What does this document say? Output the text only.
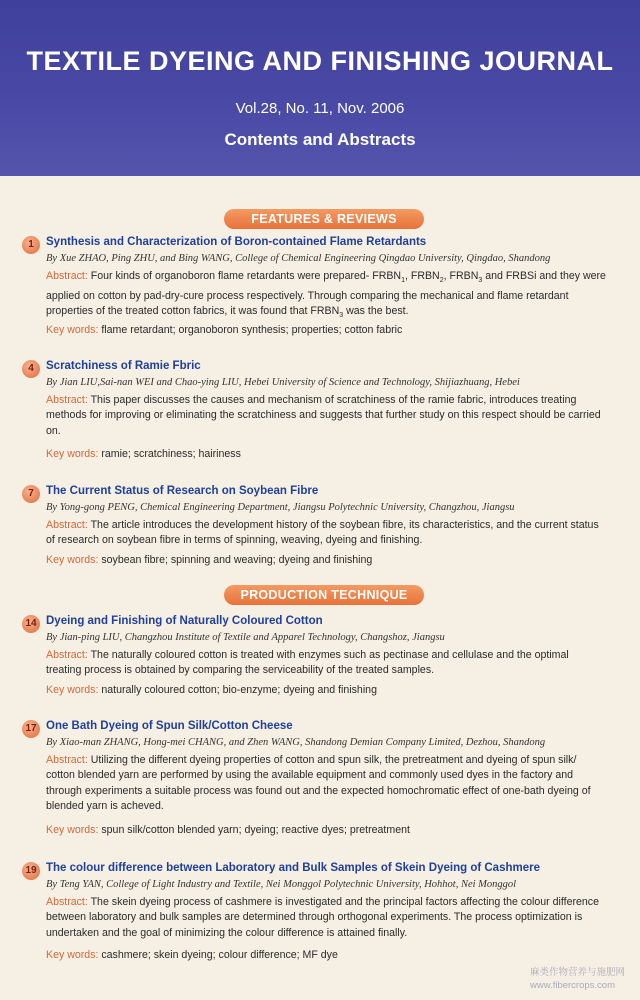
TEXTILE DYEING AND FINISHING JOURNAL
Vol.28, No. 11, Nov. 2006
Contents and Abstracts
FEATURES & REVIEWS
1	Synthesis and Characterization of Boron-contained Flame Retardants
By Xue ZHAO, Ping ZHU, and Bing WANG, College of Chemical Engineering Qingdao University, Qingdao, Shandong
Abstract: Four kinds of organoboron flame retardants were prepared- $FRBN_1$, $FRBN_2$, $FRBN_3$ and FRBSi and they were applied on cotton by pad-dry-cure process respectively. Through comparing the mechanical and flame retardant properties of the treated cotton fabrics, it was found that $FRBN_3$ was the best.
Key words: flame retardant; organoboron synthesis; properties; cotton fabric
4	Scratchiness of Ramie Fbric
By Jian LIU,Sai-nan WEI and Chao-ying LIU, Hebei University of Science and Technology, Shijiazhuang, Hebei
Abstract: This paper discusses the causes and mechanism of scratchiness of the ramie fabric, introduces treating methods for improving or eliminating the scratchiness and suggests that further study on this respect should be carried on.
Key words: ramie; scratchiness; hairiness
7	The Current Status of Research on Soybean Fibre
By Yong-gong PENG, Chemical Engineering Department, Jiangsu Polytechnic University, Changzhou, Jiangsu
Abstract: The article introduces the development history of the soybean fibre, its characteristics, and the current status of research on soybean fibre in terms of spinning, weaving, dyeing and finishing.
Key words: soybean fibre; spinning and weaving; dyeing and finishing
PRODUCTION TECHNIQUE
14 Dyeing and Finishing of Naturally Coloured Cotton
By Jian-ping LIU, Changzhou Institute of Textile and Apparel Technology, Changshoz, Jiangsu
Abstract: The naturally coloured cotton is treated with enzymes such as pectinase and cellulase and the optimal treating process is obtained by comparing the serviceability of the treated samples.
Key words: naturally coloured cotton; bio-enzyme; dyeing and finishing
17 One Bath Dyeing of Spun Silk/Cotton Cheese
By Xiao-man ZHANG, Hong-mei CHANG, and Zhen WANG, Shandong Demian Company Limited, Dezhou, Shandong
Abstract: Utilizing the different dyeing properties of cotton and spun silk, the pretreatment and dyeing of spun silk/ cotton blended yarn are performed by using the available equipment and commonly used dyes in the factory and through experiments a suitable process was found out and the expected homochromatic effect of one-bath dyeing of blended yarn is acheved.
Key words: spun silk/cotton blended yarn; dyeing; reactive dyes; pretreatment
19 The colour difference between Laboratory and Bulk Samples of Skein Dyeing of Cashmere
By Teng YAN, College of Light Industry and Textile, Nei Monggol Polytechnic University, Hohhot, Nei Monggol
Abstract: The skein dyeing process of cashmere is investigated and the principal factors affecting the colour difference between laboratory and bulk samples are determined through orthogonal experiments. The process optimization is undertaken and the goal of minimizing the colour difference is attained finally.
Key words: cashmere; skein dyeing; colour difference; MF dye
麻类作物营养与施肥网
www.fibercrops.com
